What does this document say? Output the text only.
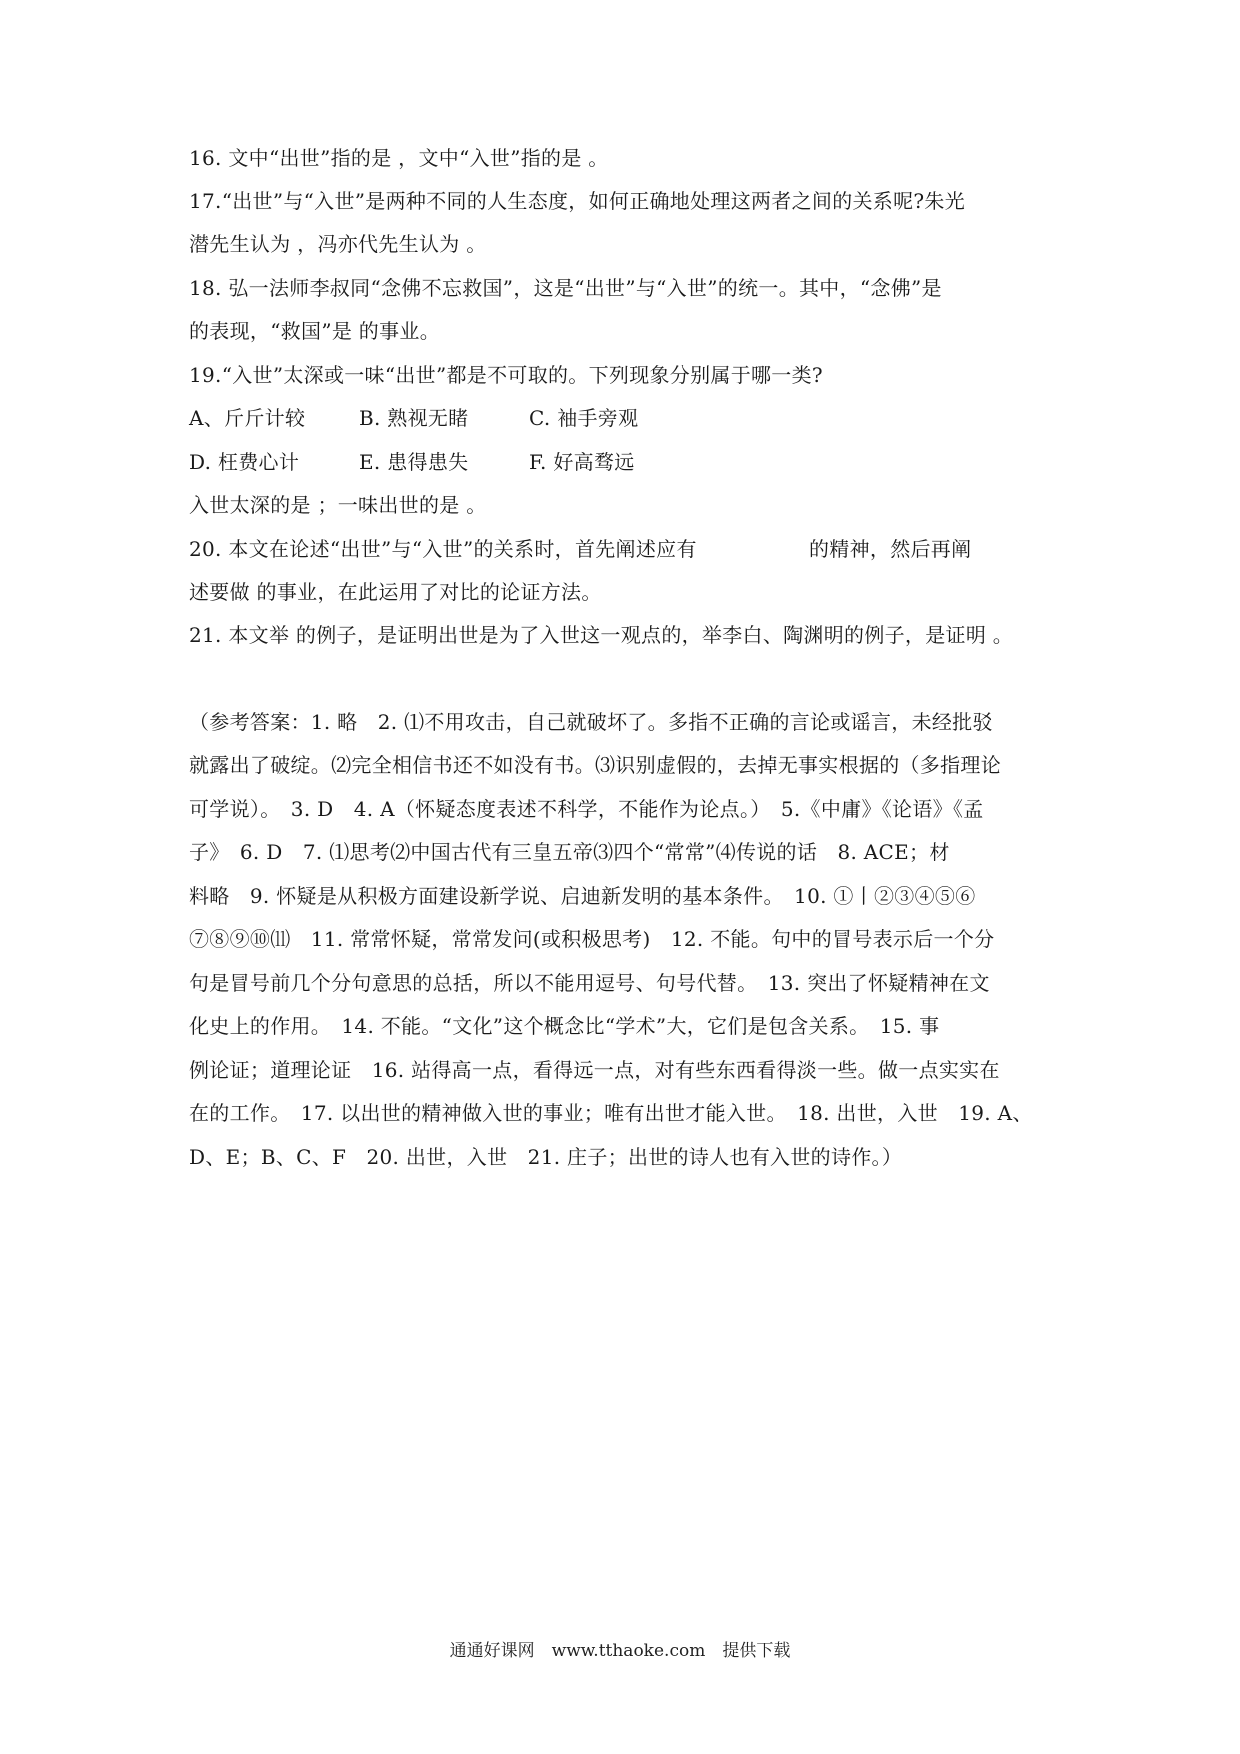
16. 文中“出世”指的是 ，文中“入世”指的是 。
17.“出世”与“入世”是两种不同的人生态度，如何正确地处理这两者之间的关系呢?朱光
潜先生认为 ，冯亦代先生认为 。
18. 弘一法师李叔同“念佛不忘救国”，这是“出世”与“入世”的统一。其中，“念佛”是
的表现，“救国”是 的事业。
19.“入世”太深或一味“出世”都是不可取的。下列现象分别属于哪一类?
A、斤斤计较	B. 熟视无睹	C. 袖手旁观
D. 枉费心计	E. 患得患失	F. 好高骛远
入世太深的是 ；一味出世的是 。
20. 本文在论述“出世”与“入世”的关系时，首先阐述应有	的精神，然后再阐
述要做 的事业，在此运用了对比的论证方法。
21. 本文举 的例子，是证明出世是为了入世这一观点的，举李白、陶渊明的例子，是证明 。
（参考答案：1. 略　2. ⑴不用攻击，自己就破坏了。多指不正确的言论或谣言，未经批驳
就露出了破绽。⑵完全相信书还不如没有书。⑶识别虚假的，去掉无事实根据的（多指理论
可学说）。　3. D　4. A（怀疑态度表述不科学，不能作为论点。）　5.《中庸》《论语》《孟
子》　6. D　7. ⑴思考⑵中国古代有三皇五帝⑶四个“常常”⑷传说的话　8. ACE；材
料略　9. 怀疑是从积极方面建设新学说、启迪新发明的基本条件。　10. ①丨②③④⑤⑥
⑦⑧⑨⑩⑾　11. 常常怀疑，常常发问(或积极思考)　12. 不能。句中的冒号表示后一个分
句是冒号前几个分句意思的总括，所以不能用逗号、句号代替。　13. 突出了怀疑精神在文
化史上的作用。　14. 不能。“文化”这个概念比“学术”大，它们是包含关系。　15. 事
例论证；道理论证　16. 站得高一点，看得远一点，对有些东西看得淡一些。做一点实实在
在的工作。　17. 以出世的精神做入世的事业；唯有出世才能入世。　18. 出世，入世　19. A、
D、E；B、C、F　20. 出世，入世　21. 庄子；出世的诗人也有入世的诗作。）
通通好课网　www.tthaoke.com　提供下载
